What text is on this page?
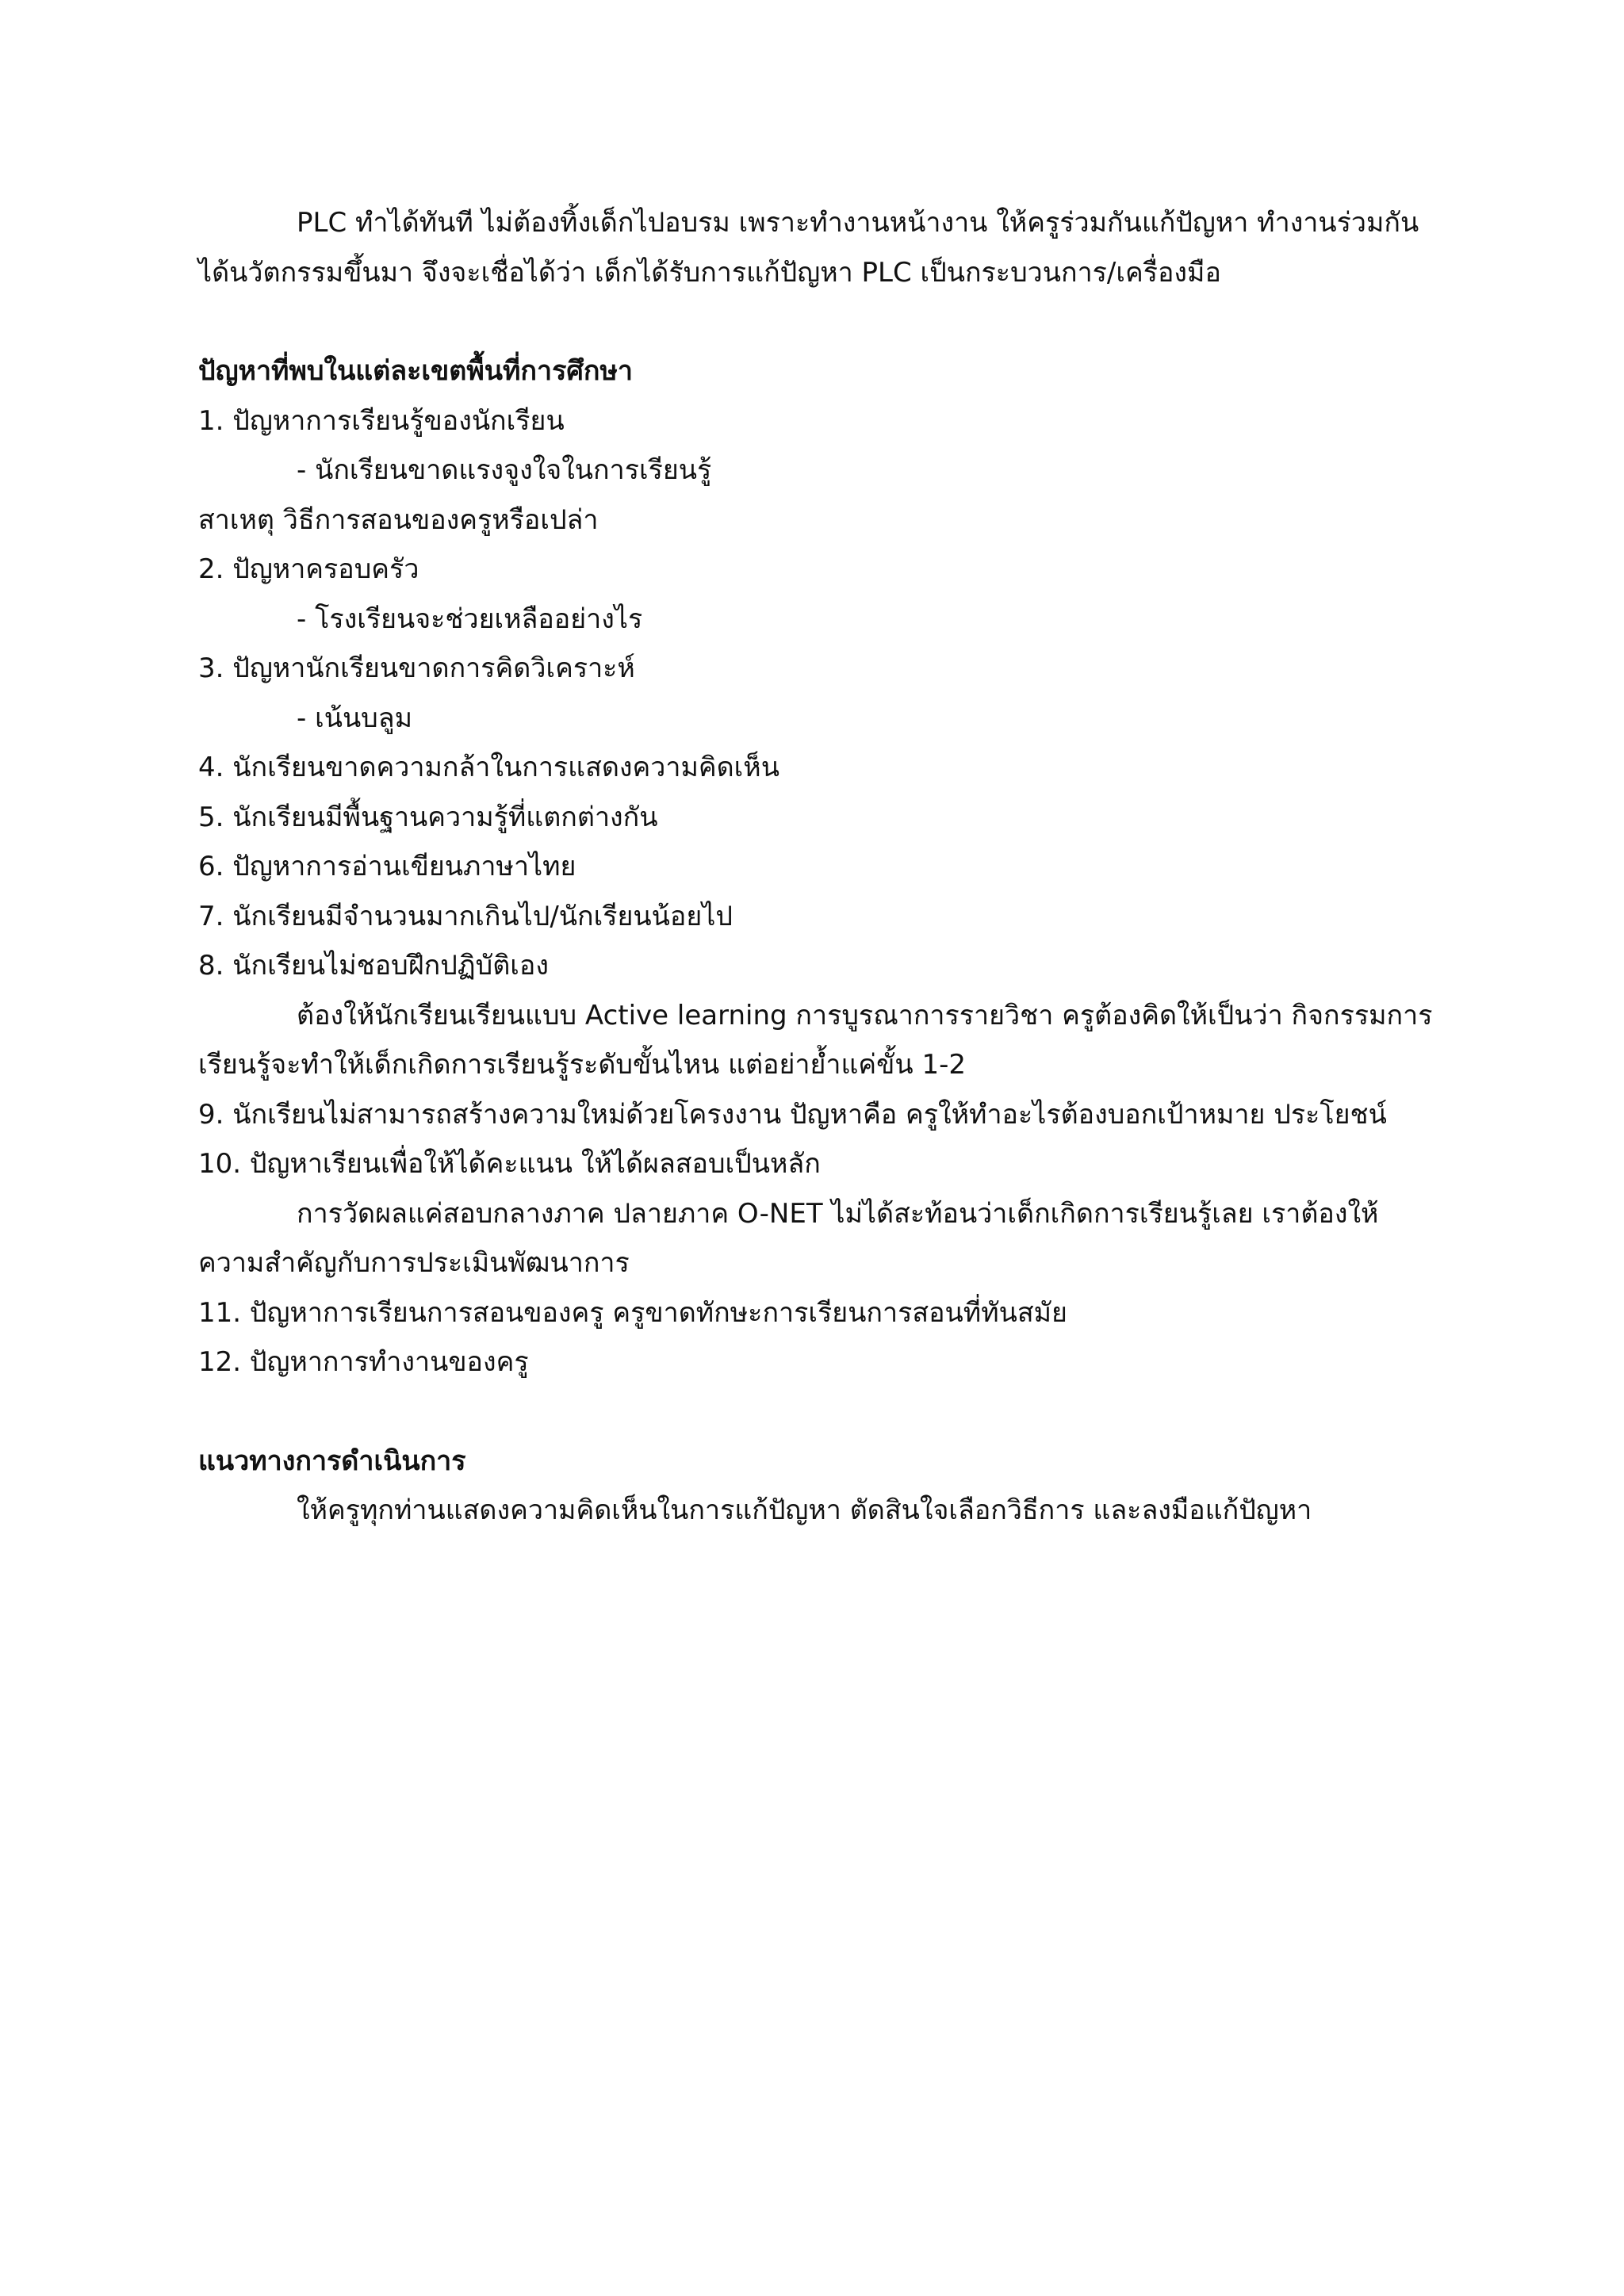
PLC ทำได้ทันที ไม่ต้องทิ้งเด็กไปอบรม เพราะทำงานหน้างาน ให้ครูร่วมกันแก้ปัญหา ทำงานร่วมกัน

ได้นวัตกรรมขึ้นมา จึงจะเชื่อได้ว่า เด็กได้รับการแก้ปัญหา PLC เป็นกระบวนการ/เครื่องมือ

ปัญหาที่พบในแต่ละเขตพื้นที่การศึกษา

1. ปัญหาการเรียนรู้ของนักเรียน

- นักเรียนขาดแรงจูงใจในการเรียนรู้

สาเหตุ วิธีการสอนของครูหรือเปล่า

2. ปัญหาครอบครัว

- โรงเรียนจะช่วยเหลืออย่างไร

3. ปัญหานักเรียนขาดการคิดวิเคราะห์

- เน้นบลูม

4. นักเรียนขาดความกล้าในการแสดงความคิดเห็น

5. นักเรียนมีพื้นฐานความรู้ที่แตกต่างกัน

6. ปัญหาการอ่านเขียนภาษาไทย

7. นักเรียนมีจำนวนมากเกินไป/นักเรียนน้อยไป

8. นักเรียนไม่ชอบฝึกปฏิบัติเอง

ต้องให้นักเรียนเรียนแบบ Active learning การบูรณาการรายวิชา ครูต้องคิดให้เป็นว่า กิจกรรมการ

เรียนรู้จะทำให้เด็กเกิดการเรียนรู้ระดับขั้นไหน แต่อย่าย้ำแค่ขั้น 1-2

9. นักเรียนไม่สามารถสร้างความใหม่ด้วยโครงงาน ปัญหาคือ ครูให้ทำอะไรต้องบอกเป้าหมาย ประโยชน์

10. ปัญหาเรียนเพื่อให้ได้คะแนน ให้ได้ผลสอบเป็นหลัก

การวัดผลแค่สอบกลางภาค ปลายภาค O-NET ไม่ได้สะท้อนว่าเด็กเกิดการเรียนรู้เลย เราต้องให้

ความสำคัญกับการประเมินพัฒนาการ

11. ปัญหาการเรียนการสอนของครู ครูขาดทักษะการเรียนการสอนที่ทันสมัย

12. ปัญหาการทำงานของครู

แนวทางการดำเนินการ

ให้ครูทุกท่านแสดงความคิดเห็นในการแก้ปัญหา ตัดสินใจเลือกวิธีการ และลงมือแก้ปัญหา
